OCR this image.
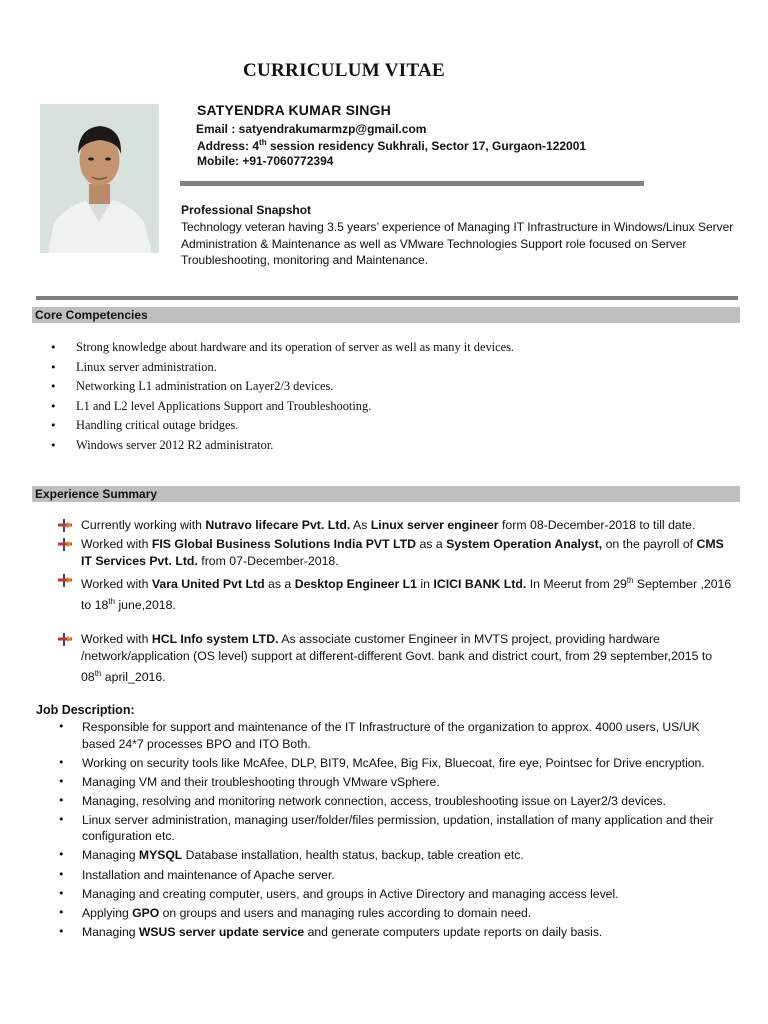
CURRICULUM VITAE
SATYENDRA KUMAR SINGH
Email : satyendrakumarmzp@gmail.com
Address: 4th session residency Sukhrali, Sector 17, Gurgaon-122001
Mobile: +91-7060772394
Professional Snapshot
Technology veteran having 3.5 years’ experience of Managing IT Infrastructure in Windows/Linux Server Administration & Maintenance as well as VMware Technologies Support role focused on Server Troubleshooting, monitoring and Maintenance.
Core Competencies
• Strong knowledge about hardware and its operation of server as well as many it devices.
• Linux server administration.
• Networking L1 administration on Layer2/3 devices.
• L1 and L2 level Applications Support and Troubleshooting.
• Handling critical outage bridges.
• Windows server 2012 R2 administrator.
Experience Summary
Currently working with Nutravo lifecare Pvt. Ltd. As Linux server engineer form 08-December-2018 to till date.
Worked with FIS Global Business Solutions India PVT LTD as a System Operation Analyst, on the payroll of CMS IT Services Pvt. Ltd. from 07-December-2018.
Worked with Vara United Pvt Ltd as a Desktop Engineer L1 in ICICI BANK Ltd. In Meerut from 29th September ,2016 to 18th june,2018.
Worked with HCL Info system LTD. As associate customer Engineer in MVTS project, providing hardware /network/application (OS level) support at different-different Govt. bank and district court, from 29 september,2015 to 08th april_2016.
Job Description:
• Responsible for support and maintenance of the IT Infrastructure of the organization to approx. 4000 users, US/UK based 24*7 processes BPO and ITO Both.
• Working on security tools like McAfee, DLP, BIT9, McAfee, Big Fix, Bluecoat, fire eye, Pointsec for Drive encryption.
• Managing VM and their troubleshooting through VMware vSphere.
• Managing, resolving and monitoring network connection, access, troubleshooting issue on Layer2/3 devices.
• Linux server administration, managing user/folder/files permission, updation, installation of many application and their configuration etc.
• Managing MYSQL Database installation, health status, backup, table creation etc.
• Installation and maintenance of Apache server.
• Managing and creating computer, users, and groups in Active Directory and managing access level.
• Applying GPO on groups and users and managing rules according to domain need.
• Managing WSUS server update service and generate computers update reports on daily basis.
